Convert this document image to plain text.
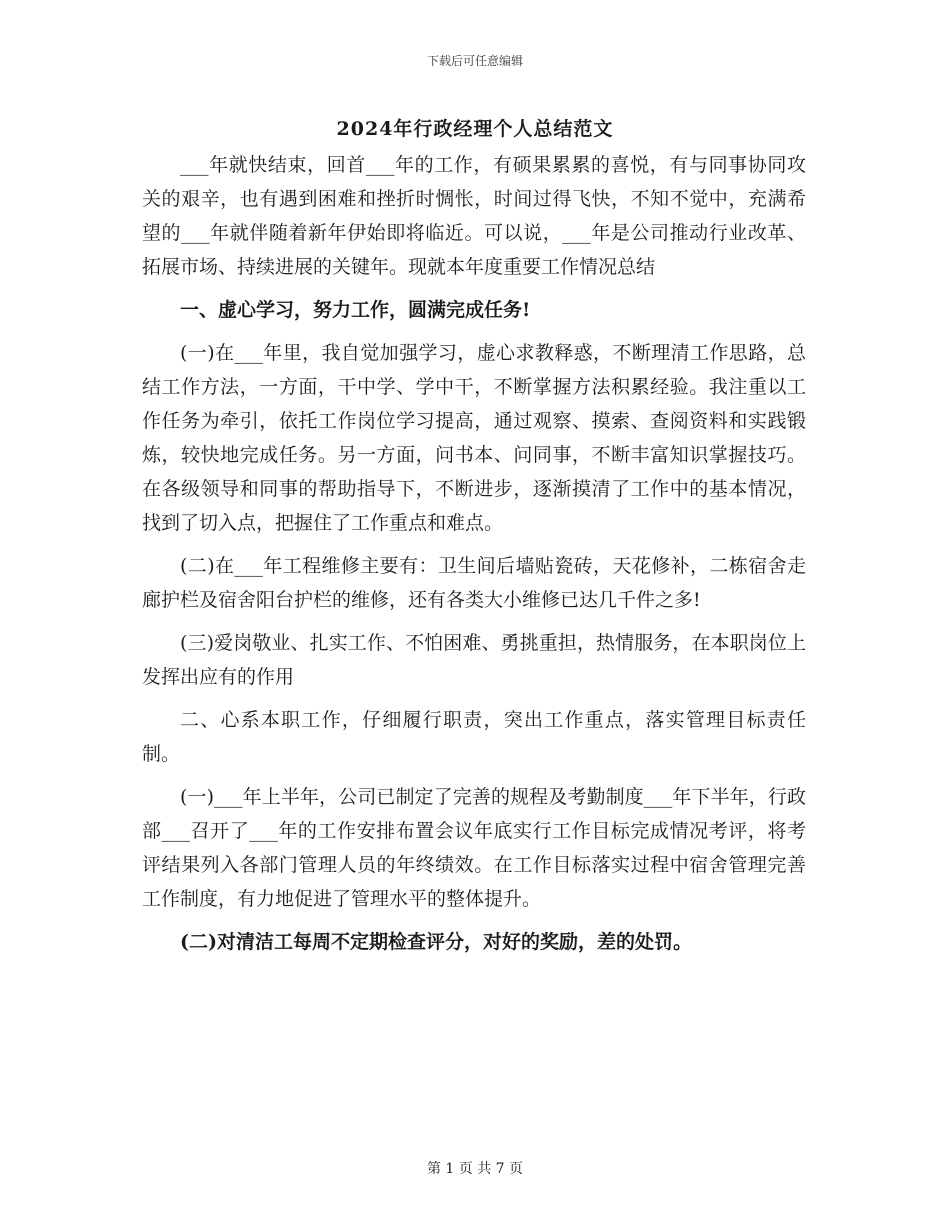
下载后可任意编辑
2024年行政经理个人总结范文

___年就快结束，回首___年的工作，有硕果累累的喜悦，有与同事协同攻关的艰辛，也有遇到困难和挫折时惆怅，时间过得飞快，不知不觉中，充满希望的___年就伴随着新年伊始即将临近。可以说，___年是公司推动行业改革、拓展市场、持续进展的关键年。现就本年度重要工作情况总结

一、虚心学习，努力工作，圆满完成任务!

(一)在___年里，我自觉加强学习，虚心求教释惑，不断理清工作思路，总结工作方法，一方面，干中学、学中干，不断掌握方法积累经验。我注重以工作任务为牵引，依托工作岗位学习提高，通过观察、摸索、查阅资料和实践锻炼，较快地完成任务。另一方面，问书本、问同事，不断丰富知识掌握技巧。在各级领导和同事的帮助指导下，不断进步，逐渐摸清了工作中的基本情况，找到了切入点，把握住了工作重点和难点。

(二)在___年工程维修主要有：卫生间后墙贴瓷砖，天花修补，二栋宿舍走廊护栏及宿舍阳台护栏的维修，还有各类大小维修已达几千件之多!

(三)爱岗敬业、扎实工作、不怕困难、勇挑重担，热情服务，在本职岗位上发挥出应有的作用

二、心系本职工作，仔细履行职责，突出工作重点，落实管理目标责任制。

(一)___年上半年，公司已制定了完善的规程及考勤制度___年下半年，行政部___召开了___年的工作安排布置会议年底实行工作目标完成情况考评，将考评结果列入各部门管理人员的年终绩效。在工作目标落实过程中宿舍管理完善工作制度，有力地促进了管理水平的整体提升。

(二)对清洁工每周不定期检查评分，对好的奖励，差的处罚。

第 1 页 共 7 页
